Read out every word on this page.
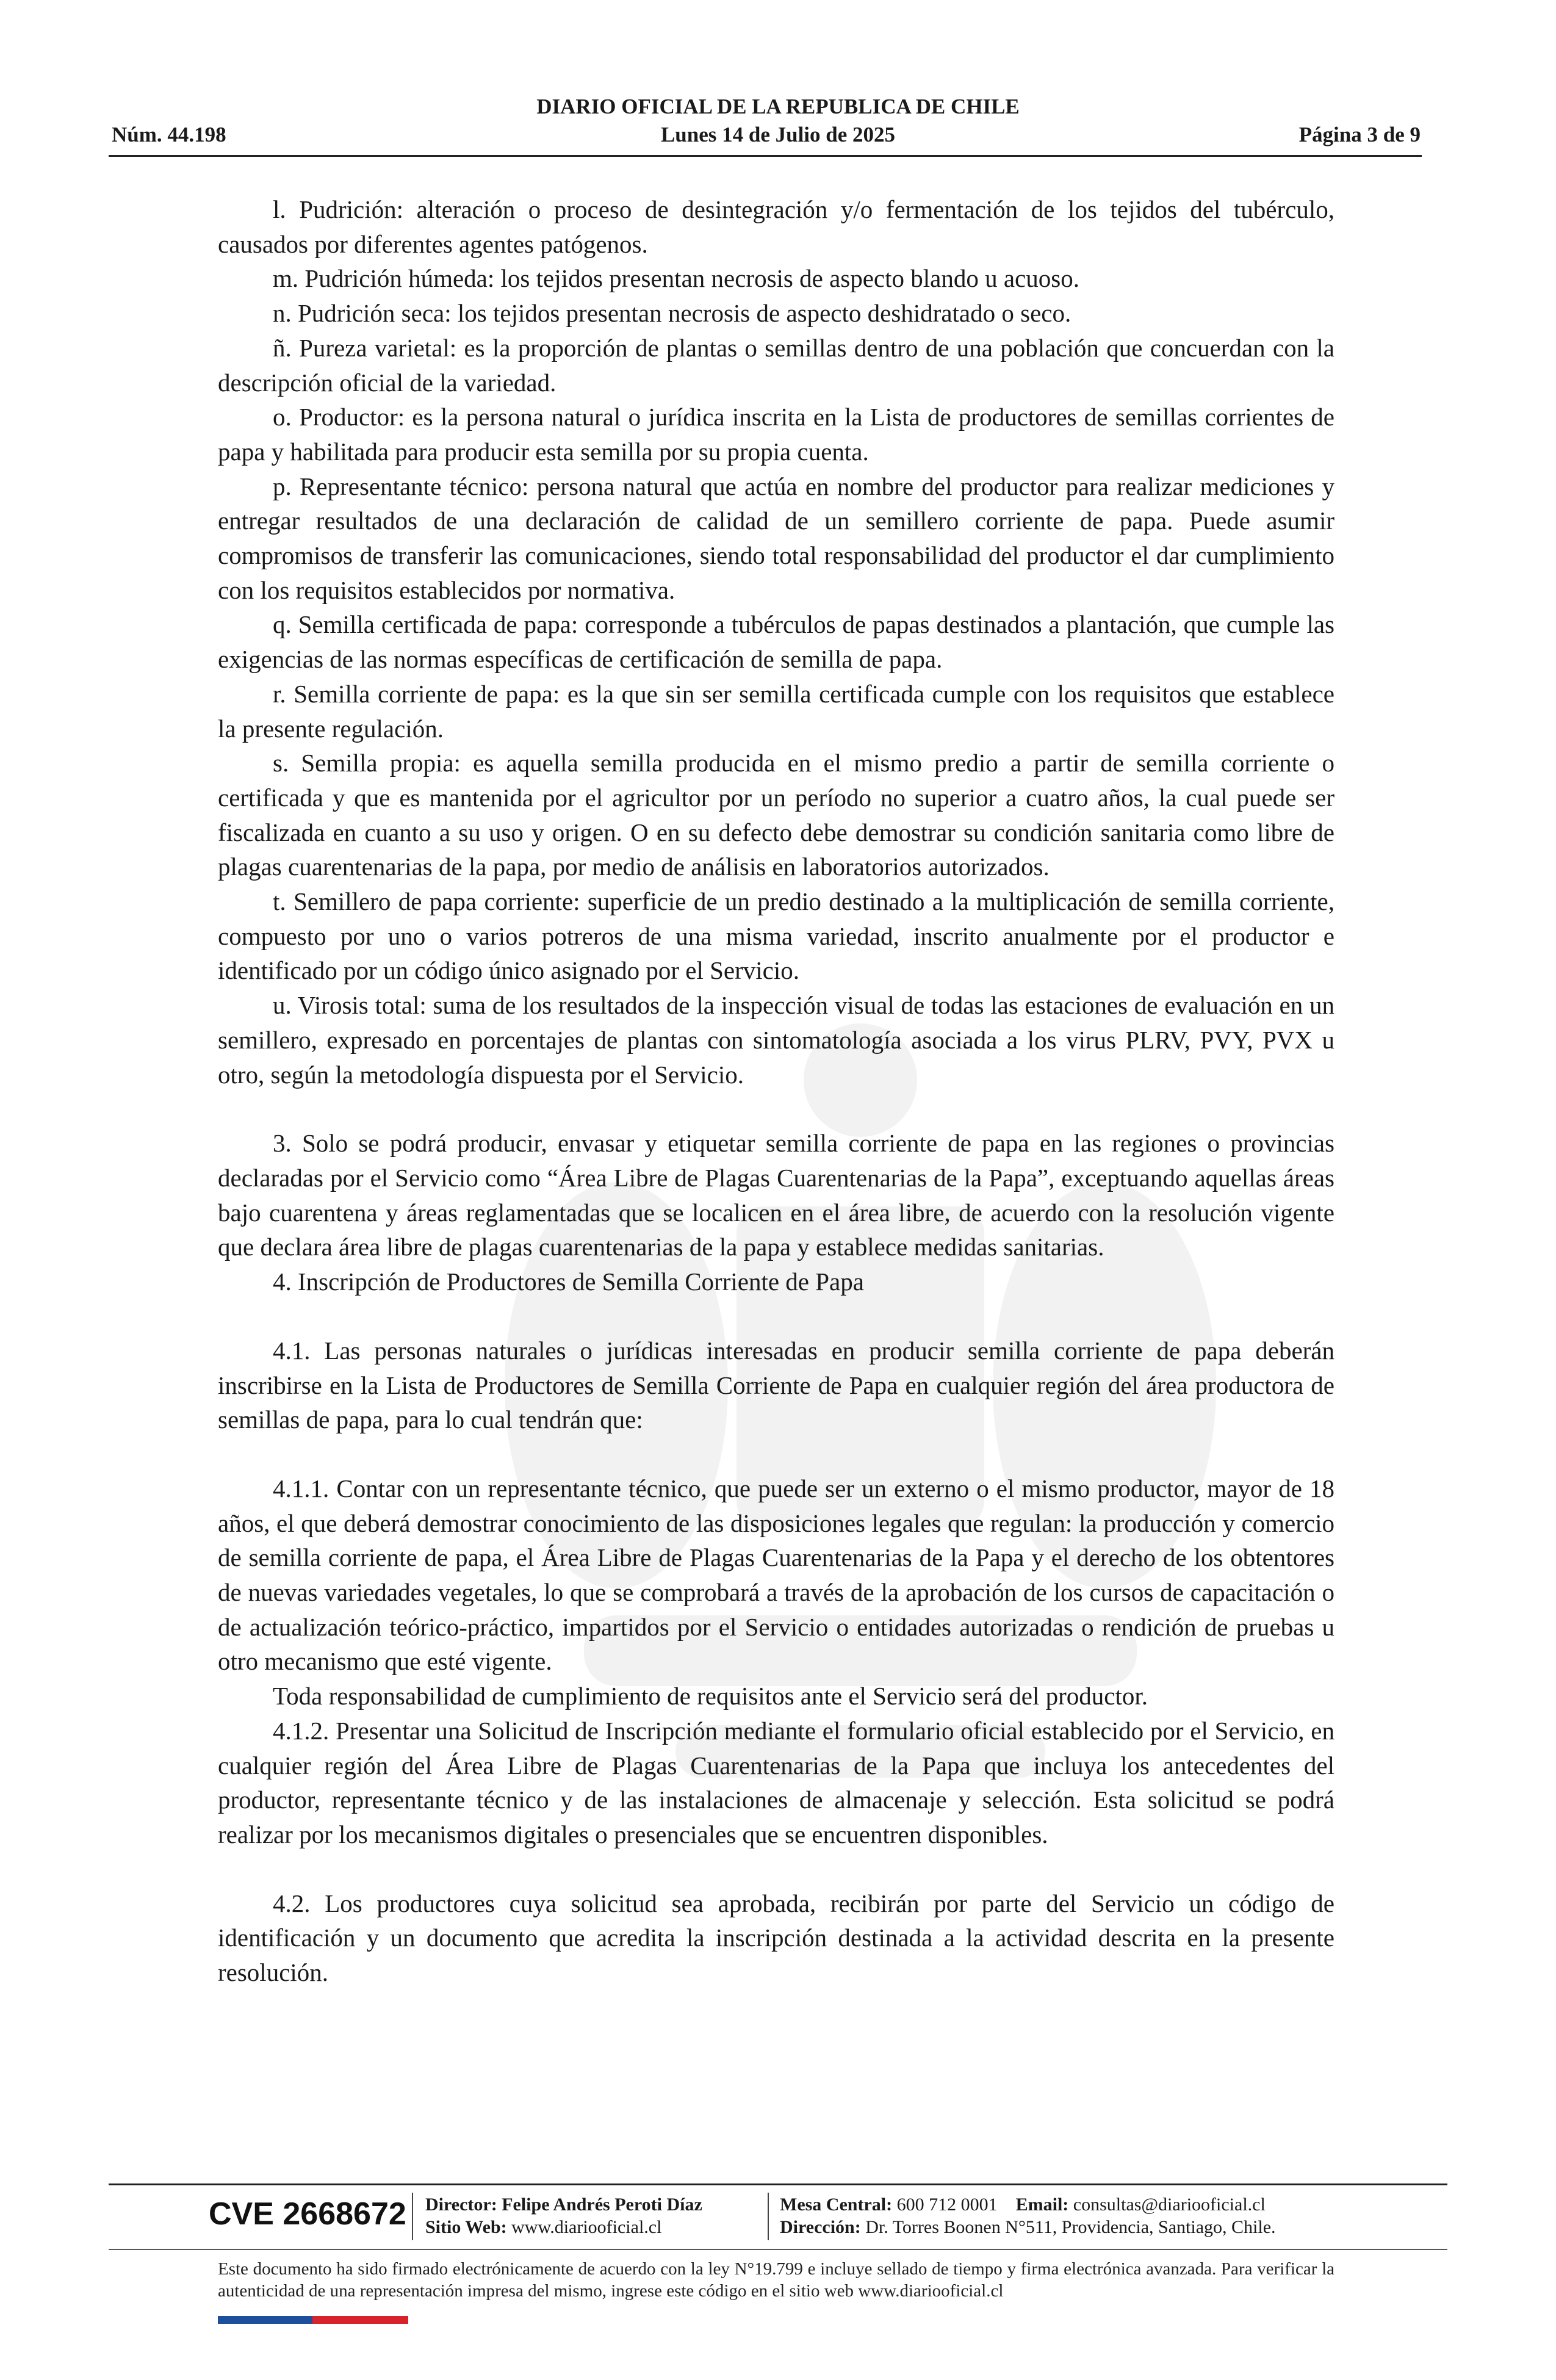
DIARIO OFICIAL DE LA REPUBLICA DE CHILE
Núm. 44.198	Lunes 14 de Julio de 2025	Página 3 de 9

l. Pudrición: alteración o proceso de desintegración y/o fermentación de los tejidos del tubérculo, causados por diferentes agentes patógenos.

m. Pudrición húmeda: los tejidos presentan necrosis de aspecto blando u acuoso.

n. Pudrición seca: los tejidos presentan necrosis de aspecto deshidratado o seco.

ñ. Pureza varietal: es la proporción de plantas o semillas dentro de una población que concuerdan con la descripción oficial de la variedad.

o. Productor: es la persona natural o jurídica inscrita en la Lista de productores de semillas corrientes de papa y habilitada para producir esta semilla por su propia cuenta.

p. Representante técnico: persona natural que actúa en nombre del productor para realizar mediciones y entregar resultados de una declaración de calidad de un semillero corriente de papa. Puede asumir compromisos de transferir las comunicaciones, siendo total responsabilidad del productor el dar cumplimiento con los requisitos establecidos por normativa.

q. Semilla certificada de papa: corresponde a tubérculos de papas destinados a plantación, que cumple las exigencias de las normas específicas de certificación de semilla de papa.

r. Semilla corriente de papa: es la que sin ser semilla certificada cumple con los requisitos que establece la presente regulación.

s. Semilla propia: es aquella semilla producida en el mismo predio a partir de semilla corriente o certificada y que es mantenida por el agricultor por un período no superior a cuatro años, la cual puede ser fiscalizada en cuanto a su uso y origen. O en su defecto debe demostrar su condición sanitaria como libre de plagas cuarentenarias de la papa, por medio de análisis en laboratorios autorizados.

t. Semillero de papa corriente: superficie de un predio destinado a la multiplicación de semilla corriente, compuesto por uno o varios potreros de una misma variedad, inscrito anualmente por el productor e identificado por un código único asignado por el Servicio.

u. Virosis total: suma de los resultados de la inspección visual de todas las estaciones de evaluación en un semillero, expresado en porcentajes de plantas con sintomatología asociada a los virus PLRV, PVY, PVX u otro, según la metodología dispuesta por el Servicio.

3. Solo se podrá producir, envasar y etiquetar semilla corriente de papa en las regiones o provincias declaradas por el Servicio como “Área Libre de Plagas Cuarentenarias de la Papa”, exceptuando aquellas áreas bajo cuarentena y áreas reglamentadas que se localicen en el área libre, de acuerdo con la resolución vigente que declara área libre de plagas cuarentenarias de la papa y establece medidas sanitarias.

4. Inscripción de Productores de Semilla Corriente de Papa

4.1. Las personas naturales o jurídicas interesadas en producir semilla corriente de papa deberán inscribirse en la Lista de Productores de Semilla Corriente de Papa en cualquier región del área productora de semillas de papa, para lo cual tendrán que:

4.1.1. Contar con un representante técnico, que puede ser un externo o el mismo productor, mayor de 18 años, el que deberá demostrar conocimiento de las disposiciones legales que regulan: la producción y comercio de semilla corriente de papa, el Área Libre de Plagas Cuarentenarias de la Papa y el derecho de los obtentores de nuevas variedades vegetales, lo que se comprobará a través de la aprobación de los cursos de capacitación o de actualización teórico-práctico, impartidos por el Servicio o entidades autorizadas o rendición de pruebas u otro mecanismo que esté vigente.

Toda responsabilidad de cumplimiento de requisitos ante el Servicio será del productor.

4.1.2. Presentar una Solicitud de Inscripción mediante el formulario oficial establecido por el Servicio, en cualquier región del Área Libre de Plagas Cuarentenarias de la Papa que incluya los antecedentes del productor, representante técnico y de las instalaciones de almacenaje y selección. Esta solicitud se podrá realizar por los mecanismos digitales o presenciales que se encuentren disponibles.

4.2. Los productores cuya solicitud sea aprobada, recibirán por parte del Servicio un código de identificación y un documento que acredita la inscripción destinada a la actividad descrita en la presente resolución.

CVE 2668672 Director: Felipe Andrés Peroti Díaz
Sitio Web: www.diariooficial.cl
Mesa Central: 600 712 0001 Email: consultas@diariooficial.cl
Dirección: Dr. Torres Boonen N°511, Providencia, Santiago, Chile.
Este documento ha sido firmado electrónicamente de acuerdo con la ley N°19.799 e incluye sellado de tiempo y firma electrónica avanzada. Para verificar la autenticidad de una representación impresa del mismo, ingrese este código en el sitio web www.diariooficial.cl
